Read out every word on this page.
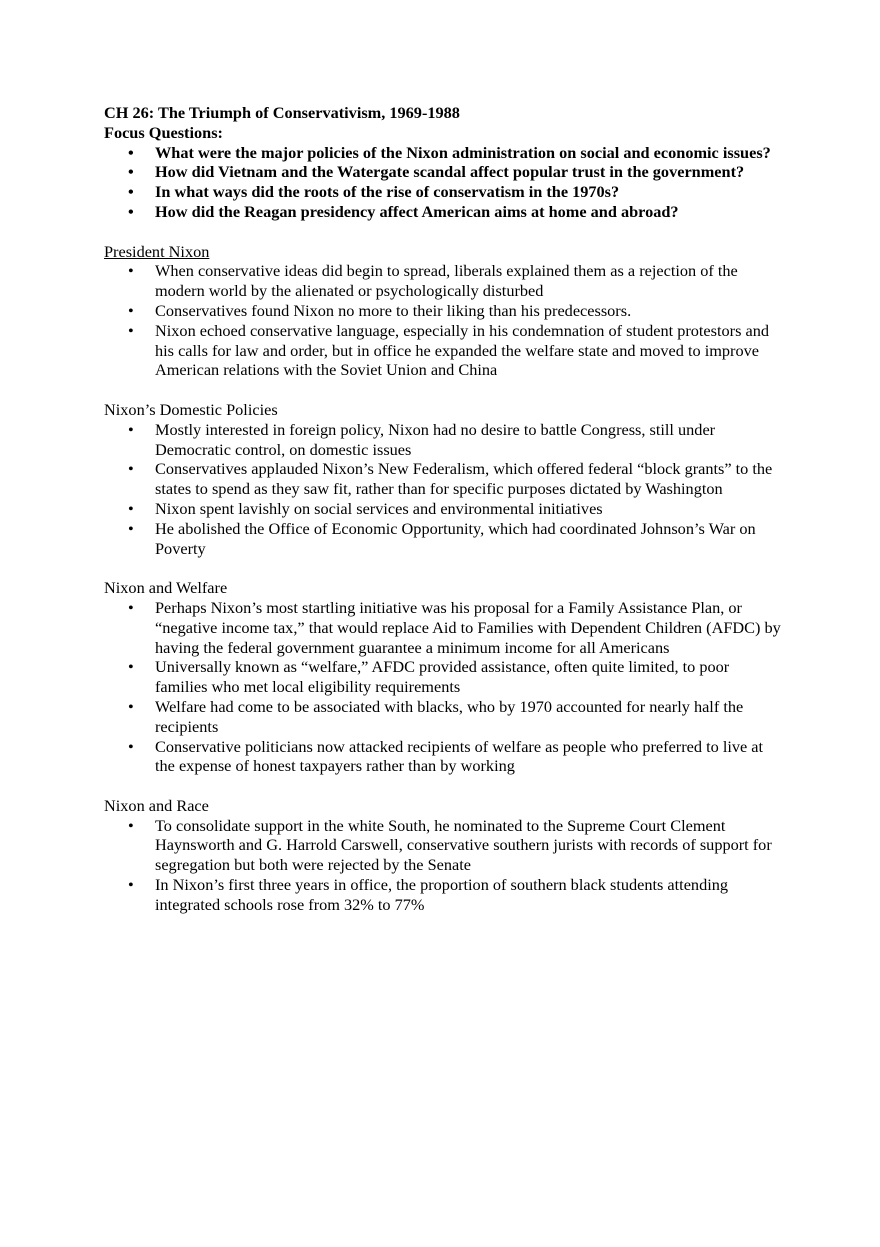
CH 26: The Triumph of Conservativism, 1969-1988

Focus Questions:

• What were the major policies of the Nixon administration on social and economic issues?
• How did Vietnam and the Watergate scandal affect popular trust in the government?
• In what ways did the roots of the rise of conservatism in the 1970s?
• How did the Reagan presidency affect American aims at home and abroad?

President Nixon

• When conservative ideas did begin to spread, liberals explained them as a rejection of the modern world by the alienated or psychologically disturbed
• Conservatives found Nixon no more to their liking than his predecessors.
• Nixon echoed conservative language, especially in his condemnation of student protestors and his calls for law and order, but in office he expanded the welfare state and moved to improve American relations with the Soviet Union and China

Nixon’s Domestic Policies

• Mostly interested in foreign policy, Nixon had no desire to battle Congress, still under Democratic control, on domestic issues
• Conservatives applauded Nixon’s New Federalism, which offered federal “block grants” to the states to spend as they saw fit, rather than for specific purposes dictated by Washington
• Nixon spent lavishly on social services and environmental initiatives
• He abolished the Office of Economic Opportunity, which had coordinated Johnson’s War on Poverty

Nixon and Welfare

• Perhaps Nixon’s most startling initiative was his proposal for a Family Assistance Plan, or “negative income tax,” that would replace Aid to Families with Dependent Children (AFDC) by having the federal government guarantee a minimum income for all Americans
• Universally known as “welfare,” AFDC provided assistance, often quite limited, to poor families who met local eligibility requirements
• Welfare had come to be associated with blacks, who by 1970 accounted for nearly half the recipients
• Conservative politicians now attacked recipients of welfare as people who preferred to live at the expense of honest taxpayers rather than by working

Nixon and Race

• To consolidate support in the white South, he nominated to the Supreme Court Clement Haynsworth and G. Harrold Carswell, conservative southern jurists with records of support for segregation but both were rejected by the Senate
• In Nixon’s first three years in office, the proportion of southern black students attending integrated schools rose from 32% to 77%
